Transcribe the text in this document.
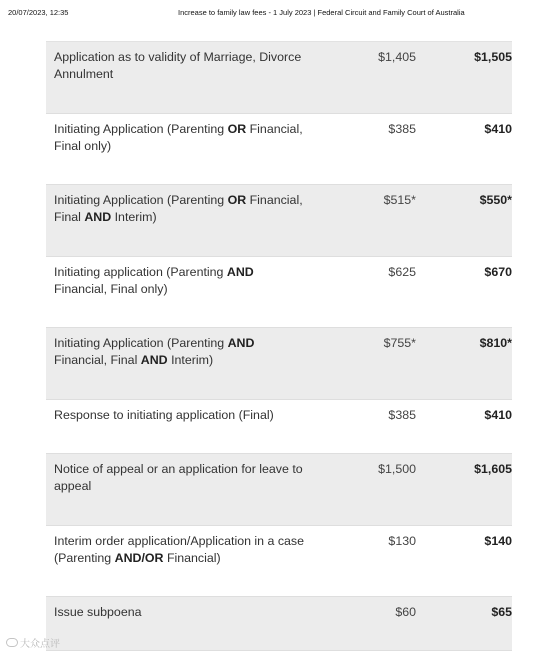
20/07/2023, 12:35	Increase to family law fees - 1 July 2023 | Federal Circuit and Family Court of Australia
Application as to validity of Marriage, Divorce Annulment
$1,405	$1,505
Initiating Application (Parenting OR Financial, Final only)
$385	$410
Initiating Application (Parenting OR Financial, Final AND Interim)
$515*	$550*
Initiating application (Parenting AND Financial, Final only)
$625	$670
Initiating Application (Parenting AND Financial, Final AND Interim)
$755*	$810*
Response to initiating application (Final)	$385	$410
Notice of appeal or an application for leave to appeal
$1,500	$1,605
Interim order application/Application in a case (Parenting AND/OR Financial)
$130	$140
Issue subpoena	$60	$65
大众点评
